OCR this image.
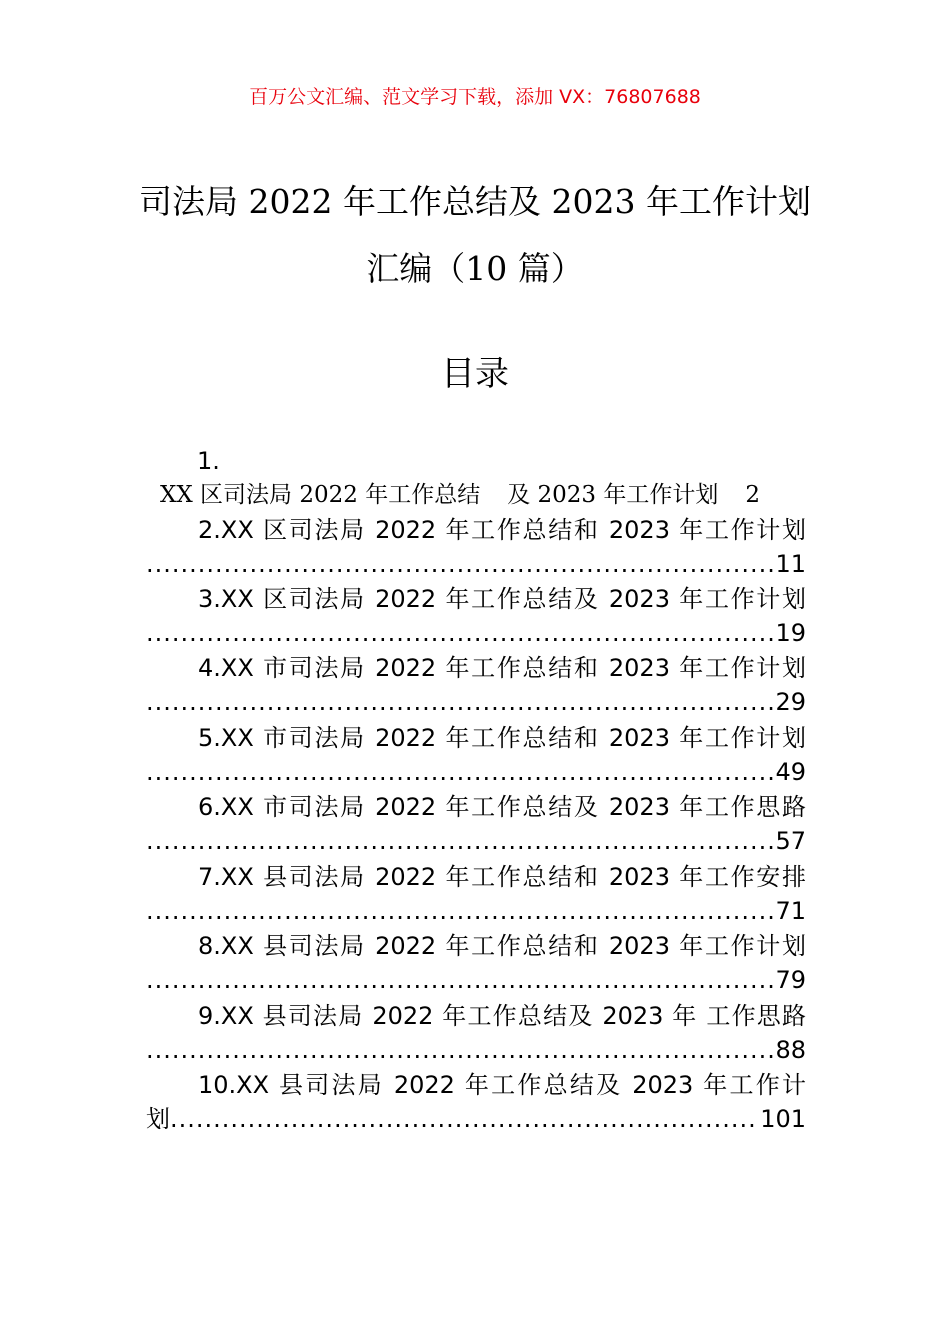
百万公文汇编、范文学习下载，添加 VX：76807688
司法局 2022 年工作总结及 2023 年工作计划
汇编（10 篇）
目录
1.
XX 区司法局 2022 年工作总结 及 2023 年工作计划 2
2.XX 区司法局 2022 年工作总结和 2023 年工作计划
.....
11
3.XX 区司法局 2022 年工作总结及 2023 年工作计划
.....
19
4.XX 市司法局 2022 年工作总结和 2023 年工作计划
.....
29
5.XX 市司法局 2022 年工作总结和 2023 年工作计划
.....
49
6.XX 市司法局 2022 年工作总结及 2023 年工作思路
.....
57
7.XX 县司法局 2022 年工作总结和 2023 年工作安排
.....
71
8.XX 县司法局 2022 年工作总结和 2023 年工作计划
.....
79
9.XX 县司法局 2022 年工作总结及 2023 年 工作思路
.....
88
10.XX 县司法局 2022 年工作总结及 2023 年工作计
划
.....	101
